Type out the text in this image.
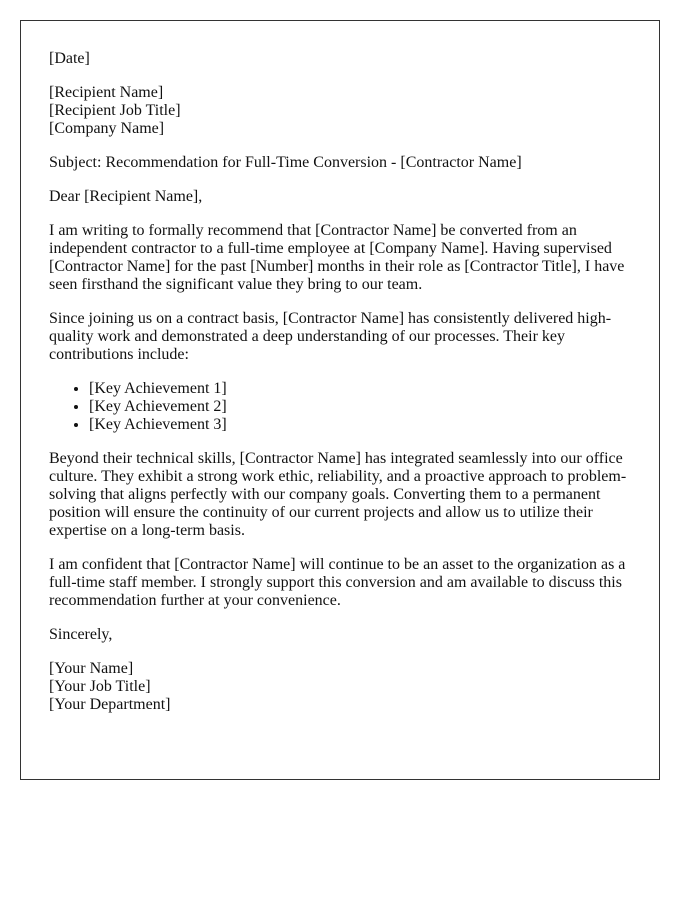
[Date]

[Recipient Name]
[Recipient Job Title]
[Company Name]

Subject: Recommendation for Full-Time Conversion - [Contractor Name]

Dear [Recipient Name],

I am writing to formally recommend that [Contractor Name] be converted from an independent contractor to a full-time employee at [Company Name]. Having supervised [Contractor Name] for the past [Number] months in their role as [Contractor Title], I have seen firsthand the significant value they bring to our team.

Since joining us on a contract basis, [Contractor Name] has consistently delivered high-quality work and demonstrated a deep understanding of our processes. Their key contributions include:

• [Key Achievement 1]
• [Key Achievement 2]
• [Key Achievement 3]

Beyond their technical skills, [Contractor Name] has integrated seamlessly into our office culture. They exhibit a strong work ethic, reliability, and a proactive approach to problem-solving that aligns perfectly with our company goals. Converting them to a permanent position will ensure the continuity of our current projects and allow us to utilize their expertise on a long-term basis.

I am confident that [Contractor Name] will continue to be an asset to the organization as a full-time staff member. I strongly support this conversion and am available to discuss this recommendation further at your convenience.

Sincerely,

[Your Name]
[Your Job Title]
[Your Department]
